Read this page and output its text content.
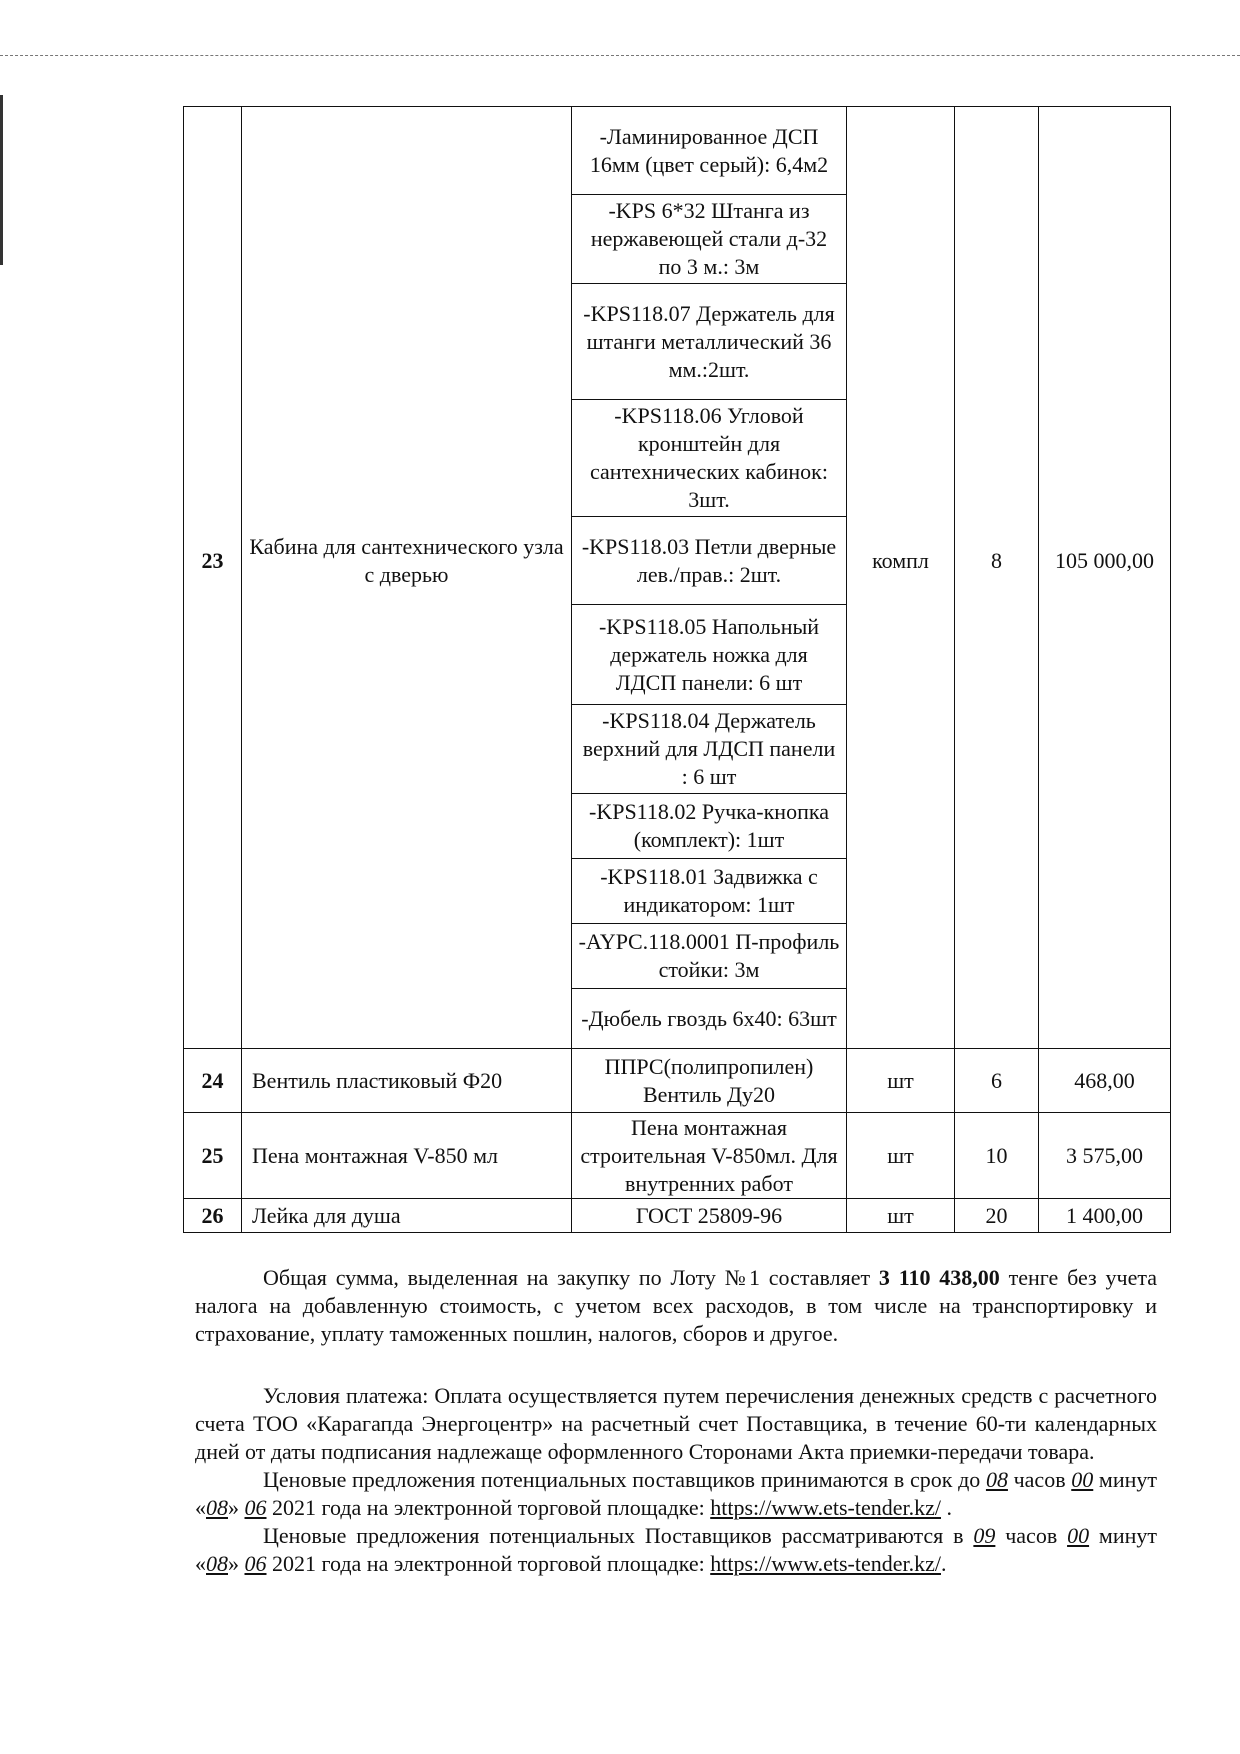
		-Ламинированное ДСП 16мм (цвет серый): 6,4м2			
		-KPS 6*32 Штанга из нержавеющей стали д-32 по 3 м.: 3м			
		-KPS118.07 Держатель для штанги металлический 36 мм.:2шт.			
		-KPS118.06 Угловой кронштейн для сантехнических кабинок: 3шт.			
23	Кабина для сантехнического узла с дверью	-KPS118.03 Петли дверные лев./прав.: 2шт.	компл	8	105 000,00
		-KPS118.05 Напольный держатель ножка для ЛДСП панели: 6 шт			
		-KPS118.04 Держатель верхний для ЛДСП панели : 6 шт			
		-KPS118.02 Ручка-кнопка (комплект): 1шт			
		-KPS118.01 Задвижка с индикатором: 1шт			
		-AYPC.118.0001 П-профиль стойки: 3м			
		-Дюбель гвоздь 6х40: 63шт			
24	Вентиль пластиковый Ф20	ППРС(полипропилен) Вентиль Ду20	шт	6	468,00
25	Пена монтажная V-850 мл	Пена монтажная строительная V-850мл. Для внутренних работ	шт	10	3 575,00
26	Лейка для душа	ГОСТ 25809-96	шт	20	1 400,00

Общая сумма, выделенная на закупку по Лоту №1 составляет 3 110 438,00 тенге без учета налога на добавленную стоимость, с учетом всех расходов, в том числе на транспортировку и страхование, уплату таможенных пошлин, налогов, сборов и другое.

Условия платежа: Оплата осуществляется путем перечисления денежных средств с расчетного счета ТОО «Карагапда Энергоцентр» на расчетный счет Поставщика, в течение 60-ти календарных дней от даты подписания надлежаще оформленного Сторонами Акта приемки-передачи товара.

Ценовые предложения потенциальных поставщиков принимаются в срок до 08 часов 00 минут «08» 06 2021 года на электронной торговой площадке: https://www.ets-tender.kz/ .

Ценовые предложения потенциальных Поставщиков рассматриваются в 09 часов 00 минут «08» 06 2021 года на электронной торговой площадке: https://www.ets-tender.kz/.
